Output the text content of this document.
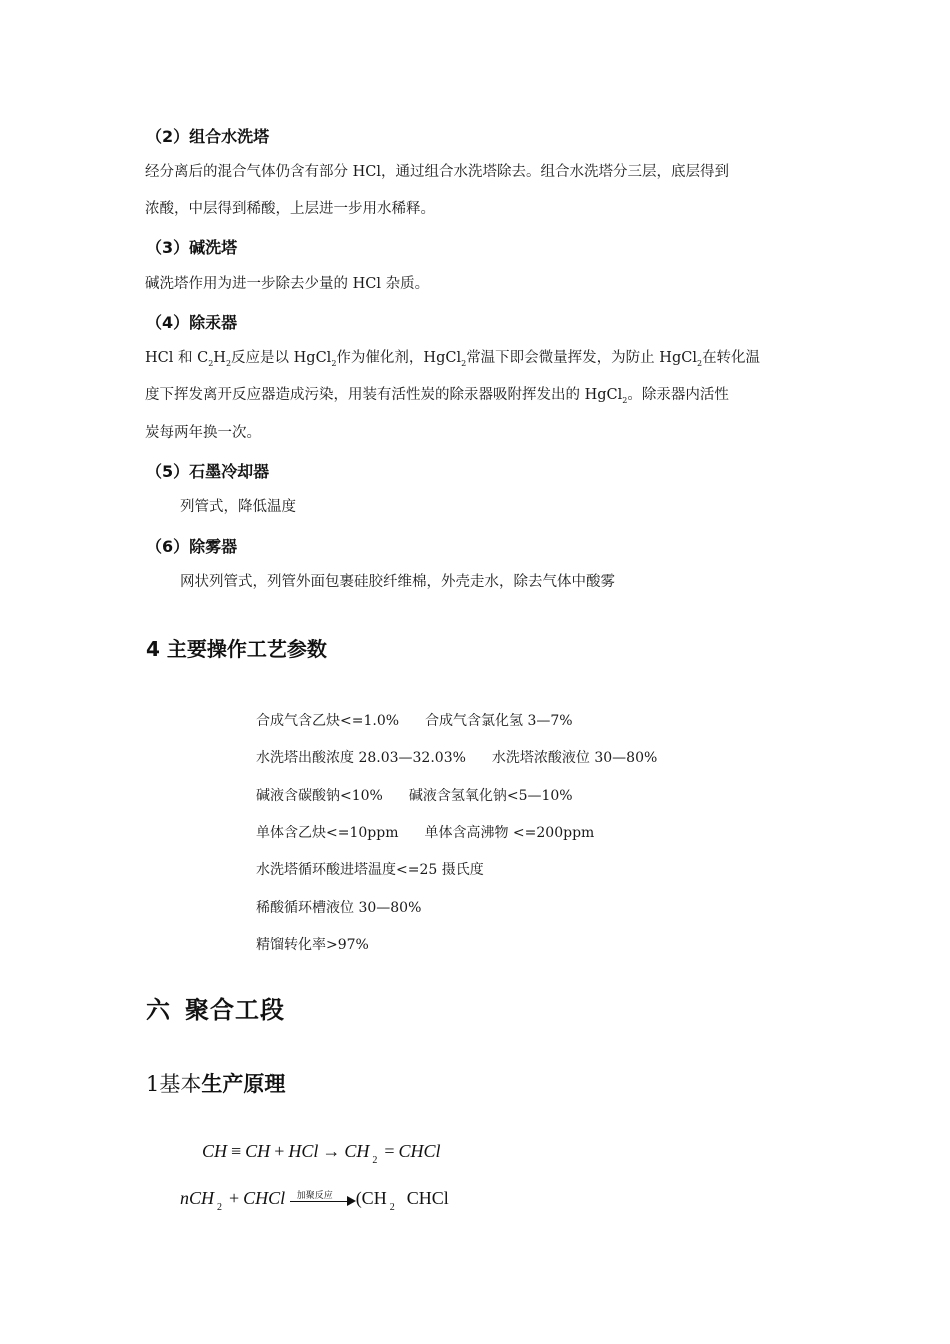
（2）组合水洗塔
经分离后的混合气体仍含有部分 HCl，通过组合水洗塔除去。组合水洗塔分三层，底层得到
浓酸，中层得到稀酸，上层进一步用水稀释。
（3）碱洗塔
碱洗塔作用为进一步除去少量的 HCl 杂质。
（4）除汞器
HCl 和 $C_2H_2$反应是以 HgCl$_2$作为催化剂，HgCl$_2$常温下即会微量挥发，为防止 HgCl$_2$在转化温
度下挥发离开反应器造成污染，用装有活性炭的除汞器吸附挥发出的 HgCl$_2$。除汞器内活性
炭每两年换一次。
（5）石墨冷却器
列管式，降低温度
（6）除雾器
网状列管式，列管外面包裹硅胶纤维棉，外壳走水，除去气体中酸雾
4 主要操作工艺参数
合成气含乙炔<=1.0% 合成气含氯化氢 3—7%
水洗塔出酸浓度 28.03—32.03% 水洗塔浓酸液位 30—80%
碱液含碳酸钠<10% 碱液含氢氧化钠<5—10%
单体含乙炔<=10ppm 单体含高沸物 <=200ppm
水洗塔循环酸进塔温度<=25 摄氏度
稀酸循环槽液位 30—80%
精馏转化率>97%
六 聚合工段
1基本生产原理
CH ≡ CH + HCl → CH $_2$ = CHCl
nCH $_2$ + CHCl 加聚反应 (CH $_2$ CHCl
